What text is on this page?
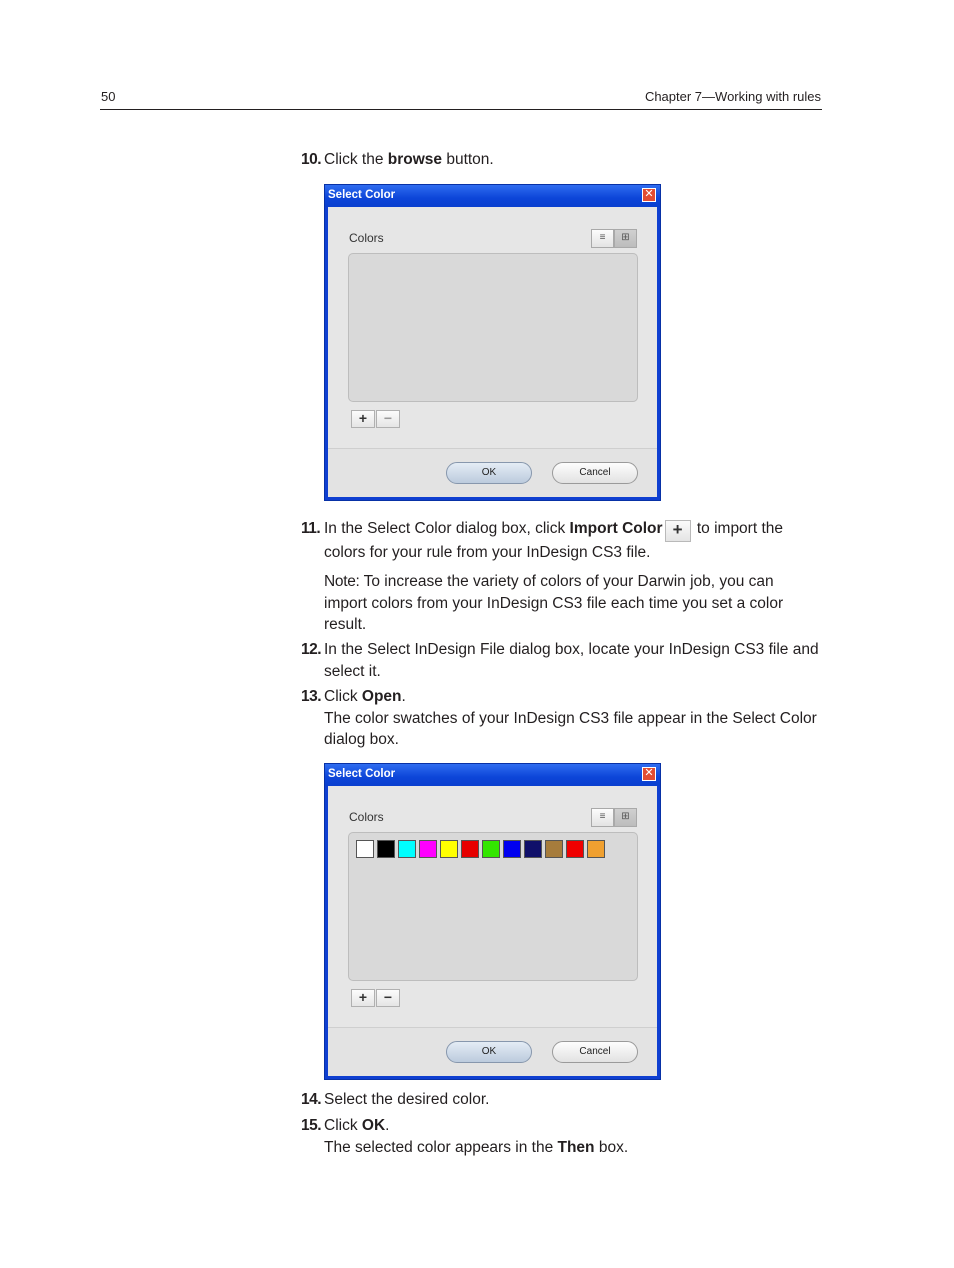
50	Chapter 7—Working with rules
10. Click the browse button.
Select Color	✕
Colors	≡	⊞
+	−
OK	Cancel
11. In the Select Color dialog box, click Import Color + to import the colors for your rule from your InDesign CS3 file.
Note: To increase the variety of colors of your Darwin job, you can import colors from your InDesign CS3 file each time you set a color result.
12. In the Select InDesign File dialog box, locate your InDesign CS3 file and select it.
13. Click Open.
The color swatches of your InDesign CS3 file appear in the Select Color dialog box.
Select Color	✕
Colors	≡	⊞
+	−
OK	Cancel
14. Select the desired color.
15. Click OK.
The selected color appears in the Then box.
